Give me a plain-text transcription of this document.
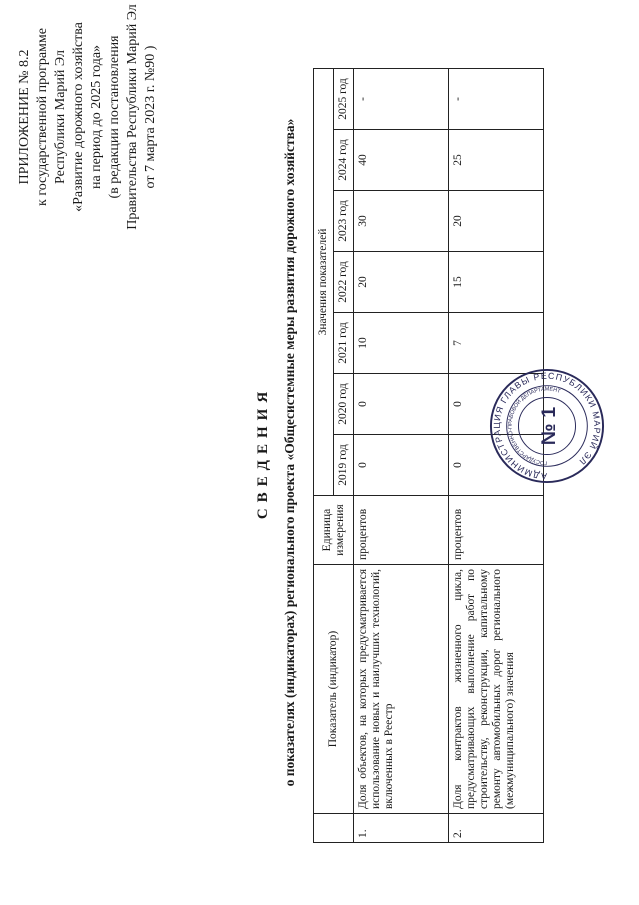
ПРИЛОЖЕНИЕ № 8.2 к государственной программе Республики Марий Эл «Развитие дорожного хозяйства на период до 2025 года» (в редакции постановления Правительства Республики Марий Эл от 7 марта 2023 г. №90 )
СВЕДЕНИЯ о показателях (индикаторах) регионального проекта «Общесистемные меры развития дорожного хозяйства»
		Показатель (индикатор)	Единица измерения	Значения показателей						
			2019 год	2020 год	2021 год	2022 год	2023 год	2024 год	2025 год
1.	Доля объектов, на которых предусматривается использование новых и наилучших технологий, включенных в Реестр	процентов	0	0	10	20	30	40	-
2.	Доля контрактов жизненного цикла, предусматривающих выполнение работ по строительству, реконструкции, капитальному ремонту автомобильных дорог регионального (межмуниципального) значения	процентов	0	0	7	15	20	25	-
АДМИНИСТРАЦИЯ ГЛАВЫ РЕСПУБЛИКИ МАРИЙ ЭЛ
ГОСУДАРСТВЕННО-ПРАВОВОЙ ДЕПАРТАМЕНТ
№ 1
